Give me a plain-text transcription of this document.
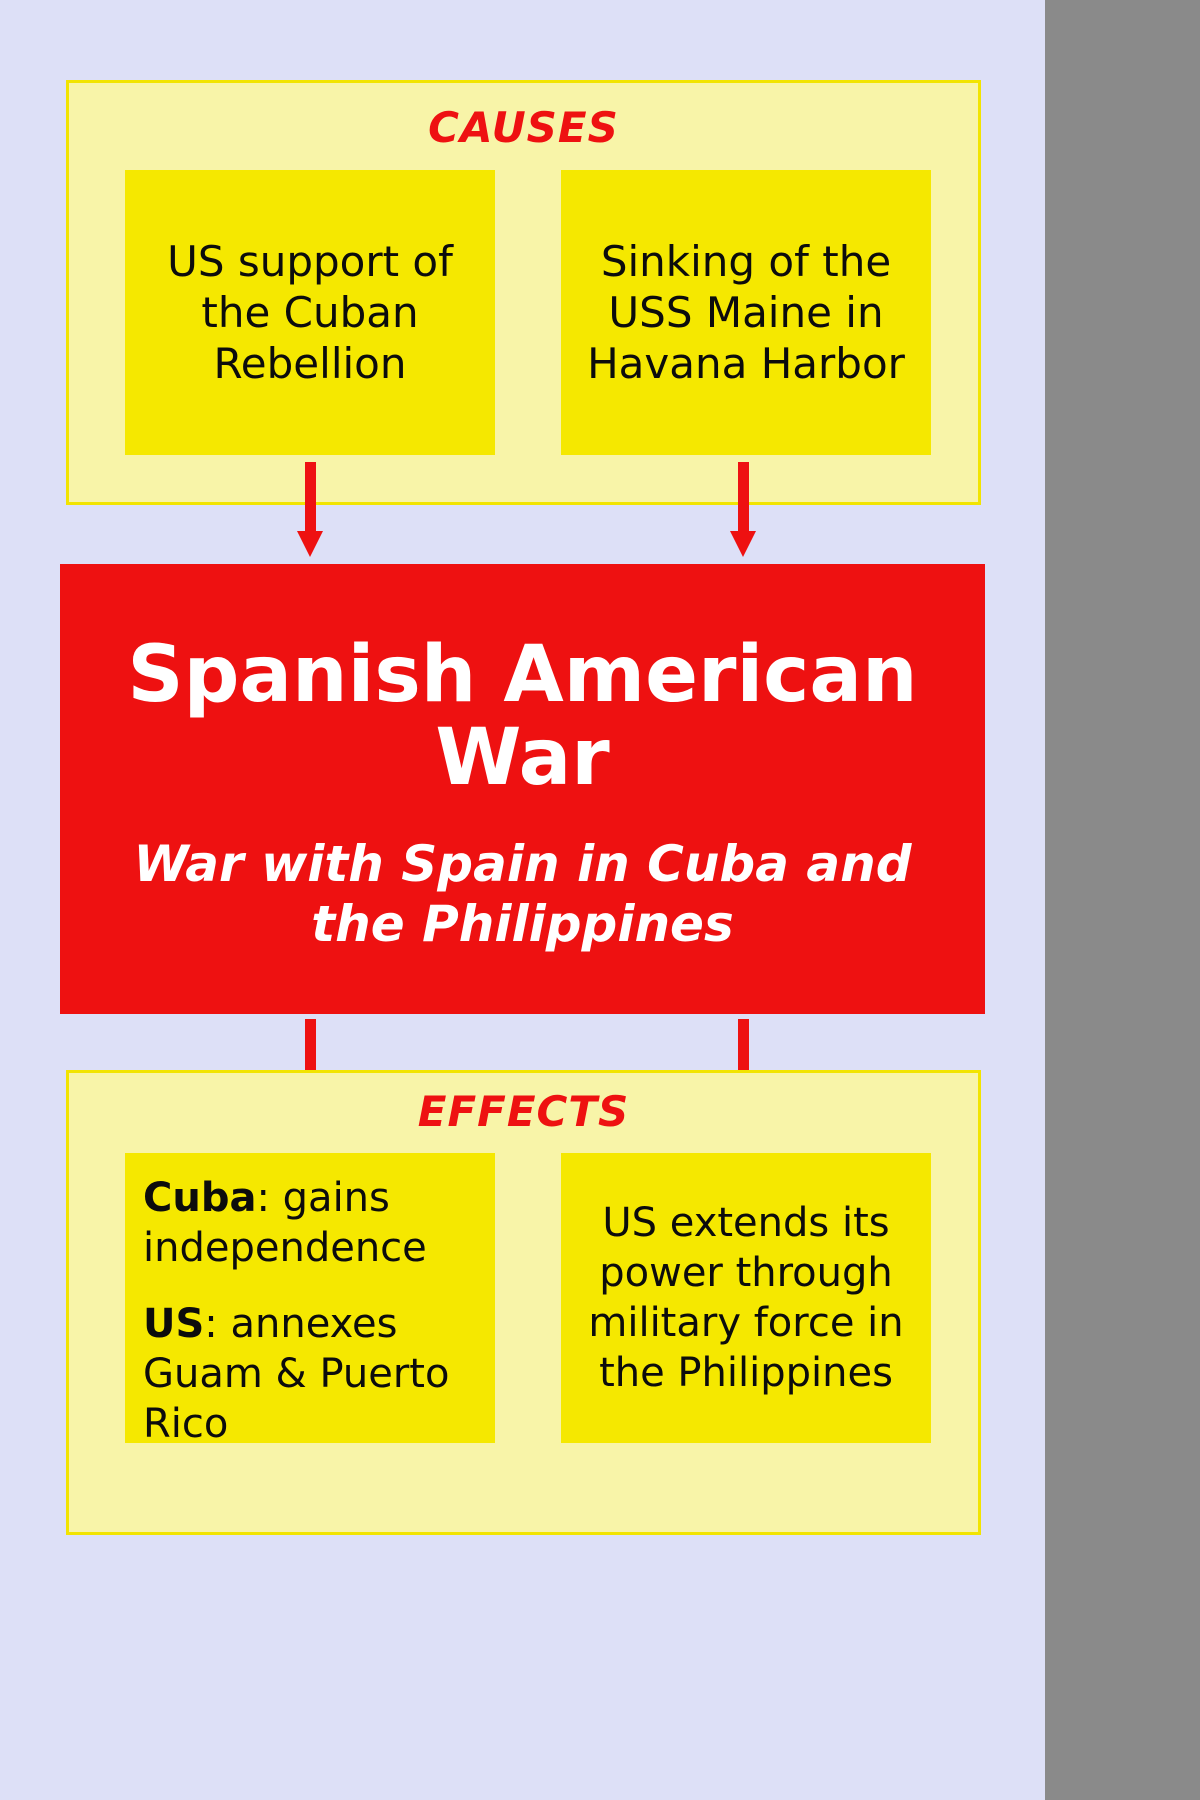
CAUSES
US support of the Cuban Rebellion
Sinking of the USS Maine in Havana Harbor
Spanish American War
War with Spain in Cuba and the Philippines
EFFECTS

Cuba: gains independence

US: annexes Guam & Puerto Rico

US extends its power through military force in the Philippines
